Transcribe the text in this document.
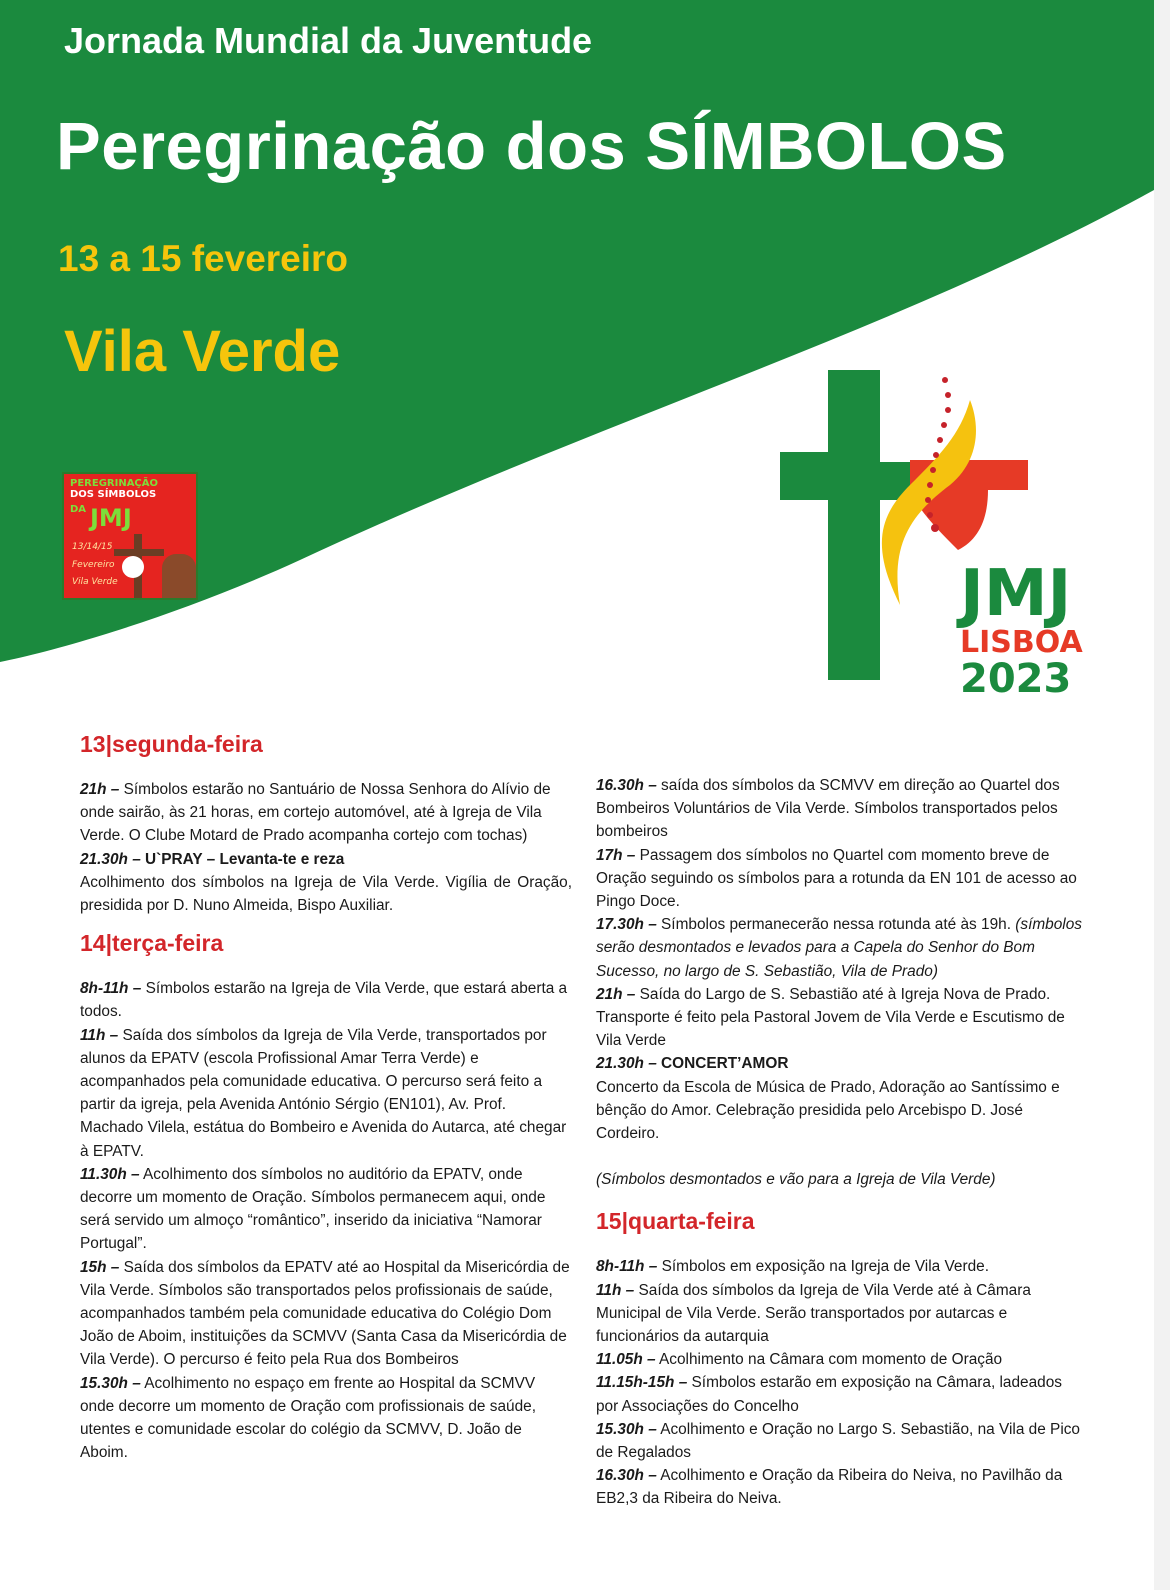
Jornada Mundial da Juventude
Peregrinação dos SÍMBOLOS
13 a 15 fevereiro
Vila Verde
PEREGRINAÇÃO
DOS SÍMBOLOS
DA JMJ
13/14/15
Fevereiro
Vila Verde	JMJ
LISBOA
2023
13|segunda-feira

21h – Símbolos estarão no Santuário de Nossa Senhora do Alívio de onde sairão, às 21 horas, em cortejo automóvel, até à Igreja de Vila Verde. O Clube Motard de Prado acompanha cortejo com tochas)

21.30h – U`PRAY – Levanta-te e reza

Acolhimento dos símbolos na Igreja de Vila Verde. Vigília de Oração, presidida por D. Nuno Almeida, Bispo Auxiliar.

14|terça-feira

8h-11h – Símbolos estarão na Igreja de Vila Verde, que estará aberta a todos.

11h – Saída dos símbolos da Igreja de Vila Verde, transportados por alunos da EPATV (escola Profissional Amar Terra Verde) e acompanhados pela comunidade educativa. O percurso será feito a partir da igreja, pela Avenida António Sérgio (EN101), Av. Prof. Machado Vilela, estátua do Bombeiro e Avenida do Autarca, até chegar à EPATV.

11.30h – Acolhimento dos símbolos no auditório da EPATV, onde decorre um momento de Oração. Símbolos permanecem aqui, onde será servido um almoço “romântico”, inserido da iniciativa “Namorar Portugal”.

15h – Saída dos símbolos da EPATV até ao Hospital da Misericórdia de Vila Verde. Símbolos são transportados pelos profissionais de saúde, acompanhados também pela comunidade educativa do Colégio Dom João de Aboim, instituições da SCMVV (Santa Casa da Misericórdia de Vila Verde). O percurso é feito pela Rua dos Bombeiros

15.30h – Acolhimento no espaço em frente ao Hospital da SCMVV onde decorre um momento de Oração com profissionais de saúde, utentes e comunidade escolar do colégio da SCMVV, D. João de Aboim.

16.30h – saída dos símbolos da SCMVV em direção ao Quartel dos Bombeiros Voluntários de Vila Verde. Símbolos transportados pelos bombeiros

17h – Passagem dos símbolos no Quartel com momento breve de Oração seguindo os símbolos para a rotunda da EN 101 de acesso ao Pingo Doce.

17.30h – Símbolos permanecerão nessa rotunda até às 19h. (símbolos serão desmontados e levados para a Capela do Senhor do Bom Sucesso, no largo de S. Sebastião, Vila de Prado)

21h – Saída do Largo de S. Sebastião até à Igreja Nova de Prado. Transporte é feito pela Pastoral Jovem de Vila Verde e Escutismo de Vila Verde

21.30h – CONCERT’AMOR

Concerto da Escola de Música de Prado, Adoração ao Santíssimo e bênção do Amor. Celebração presidida pelo Arcebispo D. José Cordeiro.

(Símbolos desmontados e vão para a Igreja de Vila Verde)

15|quarta-feira

8h-11h – Símbolos em exposição na Igreja de Vila Verde.

11h – Saída dos símbolos da Igreja de Vila Verde até à Câmara Municipal de Vila Verde. Serão transportados por autarcas e funcionários da autarquia

11.05h – Acolhimento na Câmara com momento de Oração

11.15h-15h – Símbolos estarão em exposição na Câmara, ladeados por Associações do Concelho

15.30h – Acolhimento e Oração no Largo S. Sebastião, na Vila de Pico de Regalados

16.30h – Acolhimento e Oração da Ribeira do Neiva, no Pavilhão da EB2,3 da Ribeira do Neiva.
